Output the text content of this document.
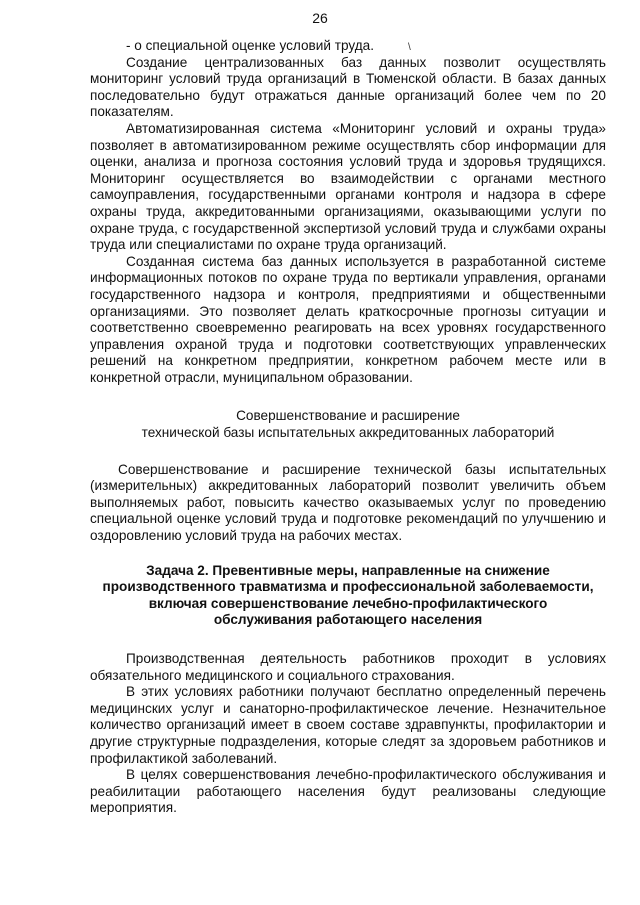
26
\

- о специальной оценке условий труда.

Создание централизованных баз данных позволит осуществлять мониторинг условий труда организаций в Тюменской области. В базах данных последовательно будут отражаться данные организаций более чем по 20 показателям.

Автоматизированная система «Мониторинг условий и охраны труда» позволяет в автоматизированном режиме осуществлять сбор информации для оценки, анализа и прогноза состояния условий труда и здоровья трудящихся. Мониторинг осуществляется во взаимодействии с органами местного самоуправления, государственными органами контроля и надзора в сфере охраны труда, аккредитованными организациями, оказывающими услуги по охране труда, с государственной экспертизой условий труда и службами охраны труда или специалистами по охране труда организаций.

Созданная система баз данных используется в разработанной системе информационных потоков по охране труда по вертикали управления, органами государственного надзора и контроля, предприятиями и общественными организациями. Это позволяет делать краткосрочные прогнозы ситуации и соответственно своевременно реагировать на всех уровнях государственного управления охраной труда и подготовки соответствующих управленческих решений на конкретном предприятии, конкретном рабочем месте или в конкретной отрасли, муниципальном образовании.

Совершенствование и расширение
технической базы испытательных аккредитованных лабораторий

Совершенствование и расширение технической базы испытательных (измерительных) аккредитованных лабораторий позволит увеличить объем выполняемых работ, повысить качество оказываемых услуг по проведению специальной оценке условий труда и подготовке рекомендаций по улучшению и оздоровлению условий труда на рабочих местах.

Задача 2. Превентивные меры, направленные на снижение
производственного травматизма и профессиональной заболеваемости,
включая совершенствование лечебно-профилактического
обслуживания работающего населения

Производственная деятельность работников проходит в условиях обязательного медицинского и социального страхования.

В этих условиях работники получают бесплатно определенный перечень медицинских услуг и санаторно-профилактическое лечение. Незначительное количество организаций имеет в своем составе здравпункты, профилактории и другие структурные подразделения, которые следят за здоровьем работников и профилактикой заболеваний.

В целях совершенствования лечебно-профилактического обслуживания и реабилитации работающего населения будут реализованы следующие мероприятия.
